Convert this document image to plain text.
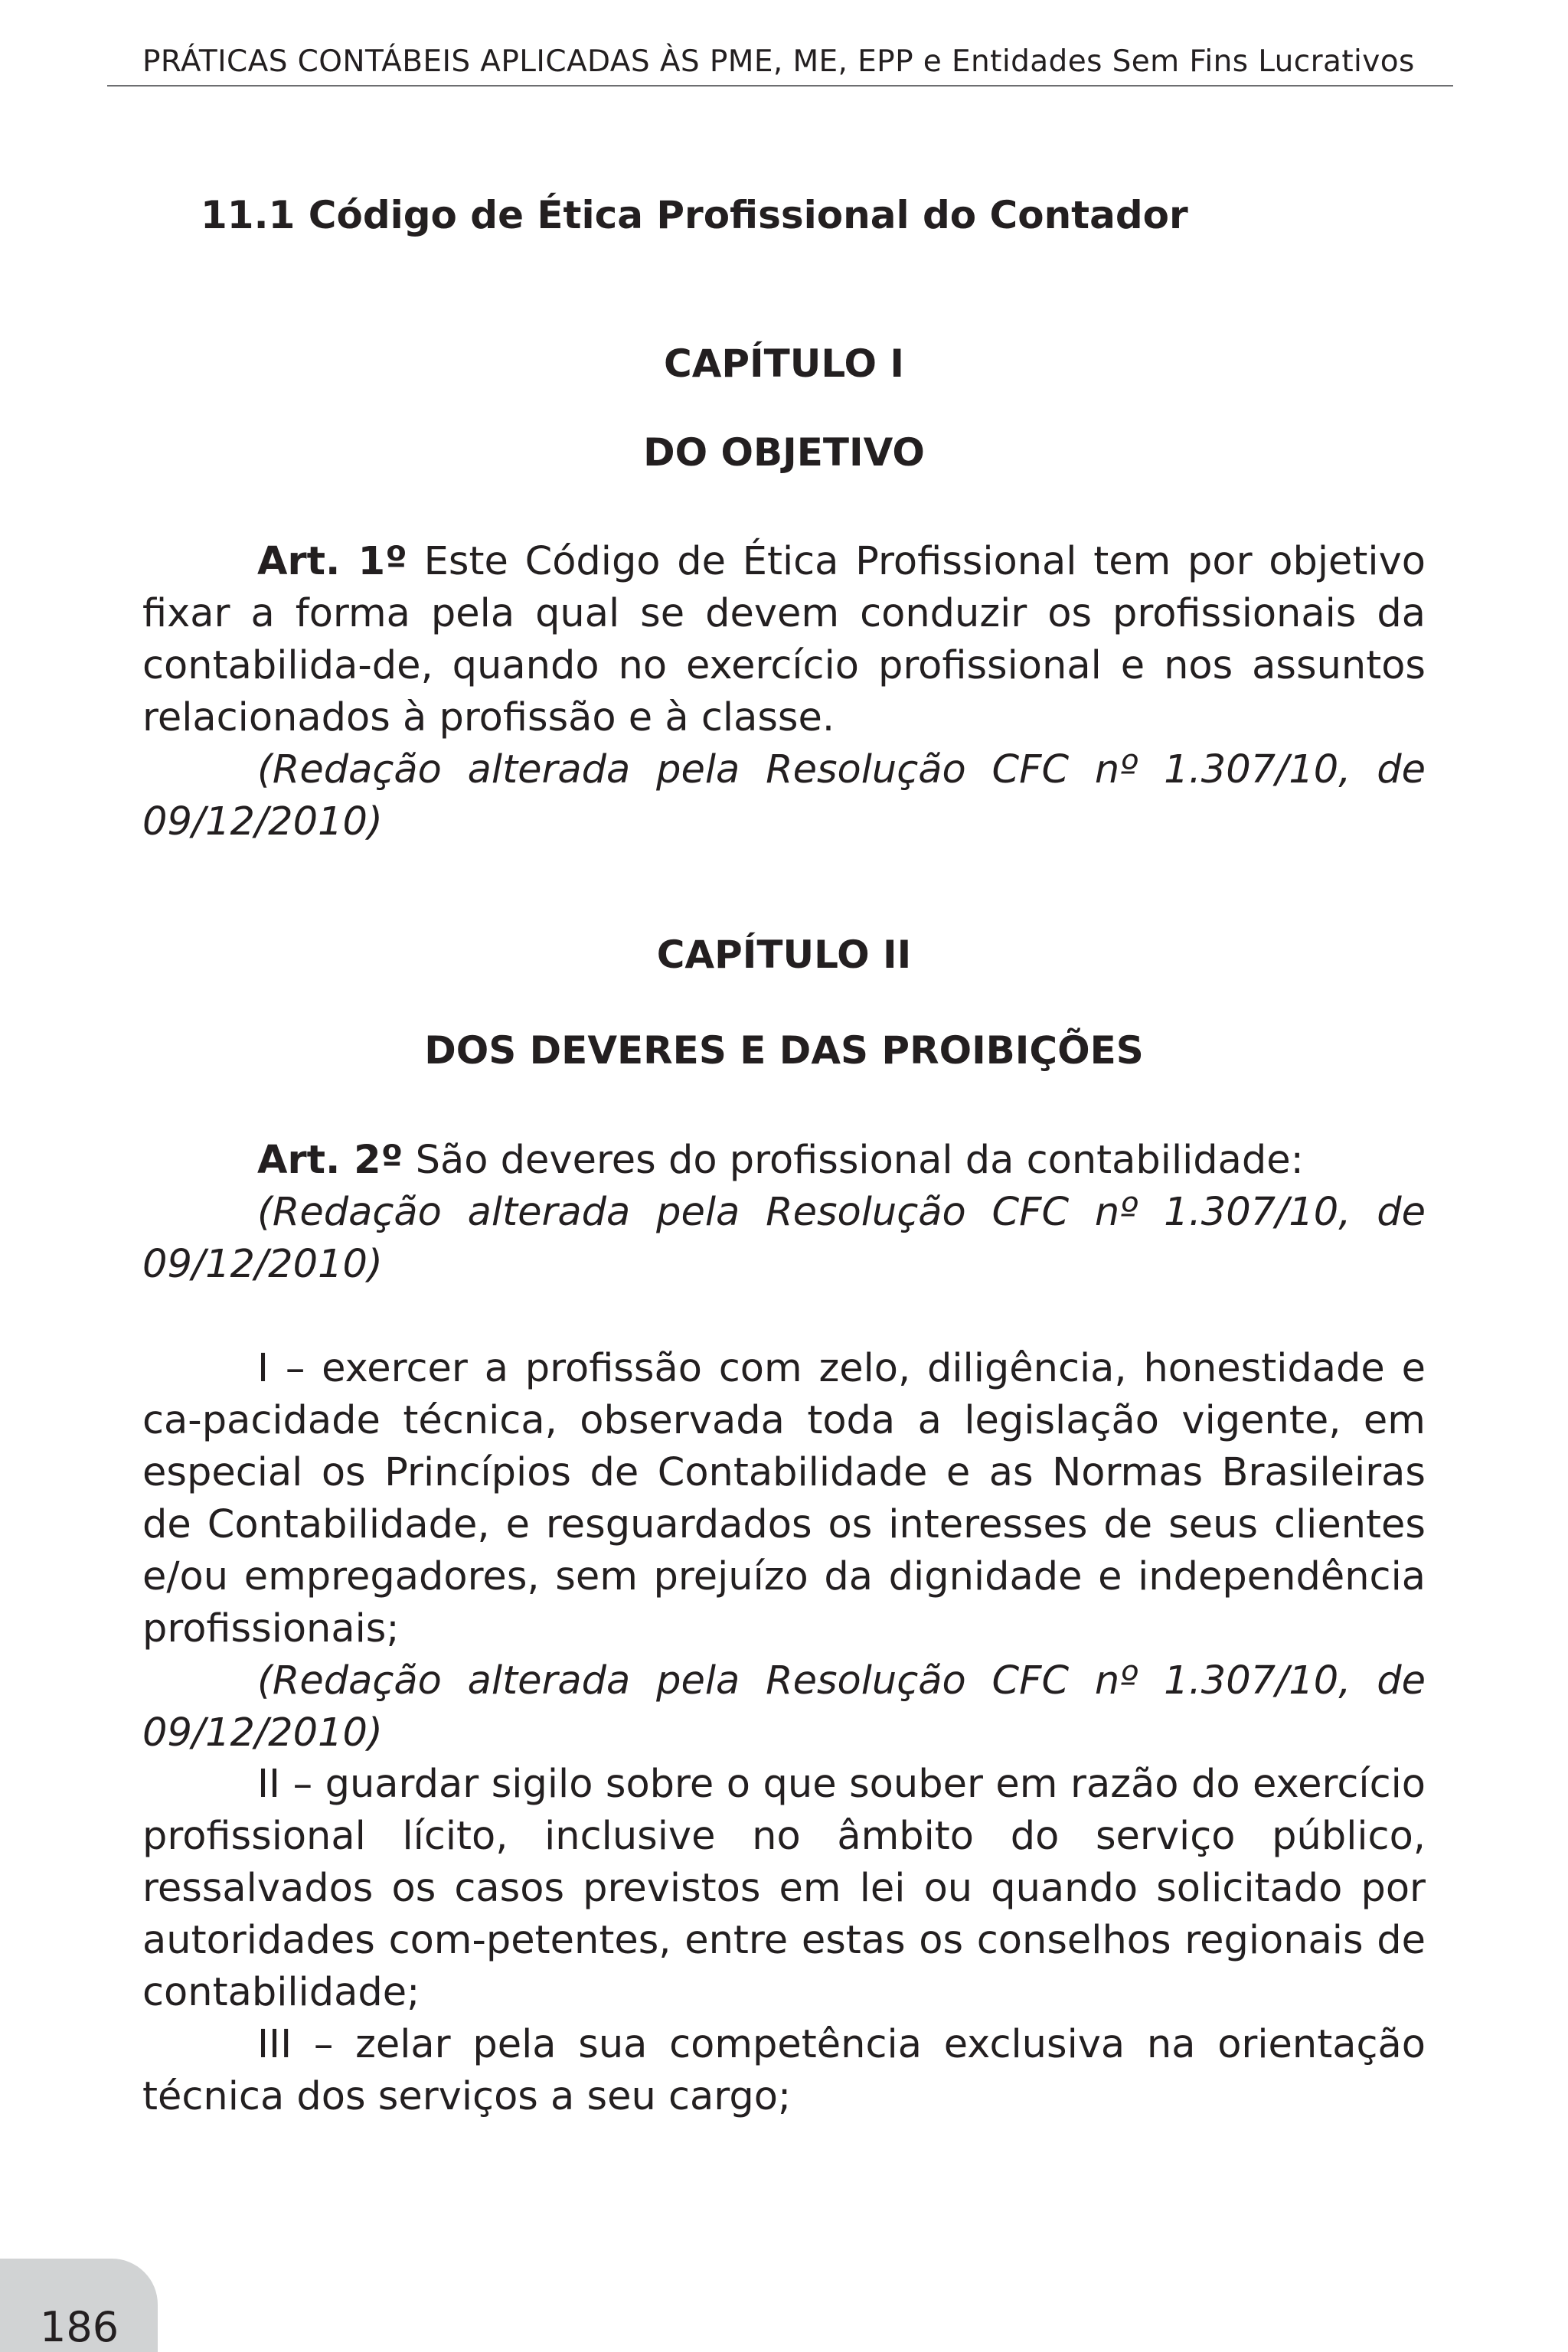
PRÁTICAS CONTÁBEIS APLICADAS ÀS PME, ME, EPP e Entidades Sem Fins Lucrativos
11.1 Código de Ética Profissional do Contador
CAPÍTULO I
DO OBJETIVO

Art. 1º Este Código de Ética Profissional tem por objetivo fixar a forma pela qual se devem conduzir os profissionais da contabilida-de, quando no exercício profissional e nos assuntos relacionados à profissão e à classe.

(Redação alterada pela Resolução CFC nº 1.307/10, de 09/12/2010)

CAPÍTULO II
DOS DEVERES E DAS PROIBIÇÕES

Art. 2º São deveres do profissional da contabilidade:

(Redação alterada pela Resolução CFC nº 1.307/10, de 09/12/2010)

I – exercer a profissão com zelo, diligência, honestidade e ca-pacidade técnica, observada toda a legislação vigente, em especial os Princípios de Contabilidade e as Normas Brasileiras de Contabilidade, e resguardados os interesses de seus clientes e/ou empregadores, sem prejuízo da dignidade e independência profissionais;

(Redação alterada pela Resolução CFC nº 1.307/10, de 09/12/2010)

II – guardar sigilo sobre o que souber em razão do exercício profissional lícito, inclusive no âmbito do serviço público, ressalvados os casos previstos em lei ou quando solicitado por autoridades com-petentes, entre estas os conselhos regionais de contabilidade;

III – zelar pela sua competência exclusiva na orientação técnica dos serviços a seu cargo;

186
